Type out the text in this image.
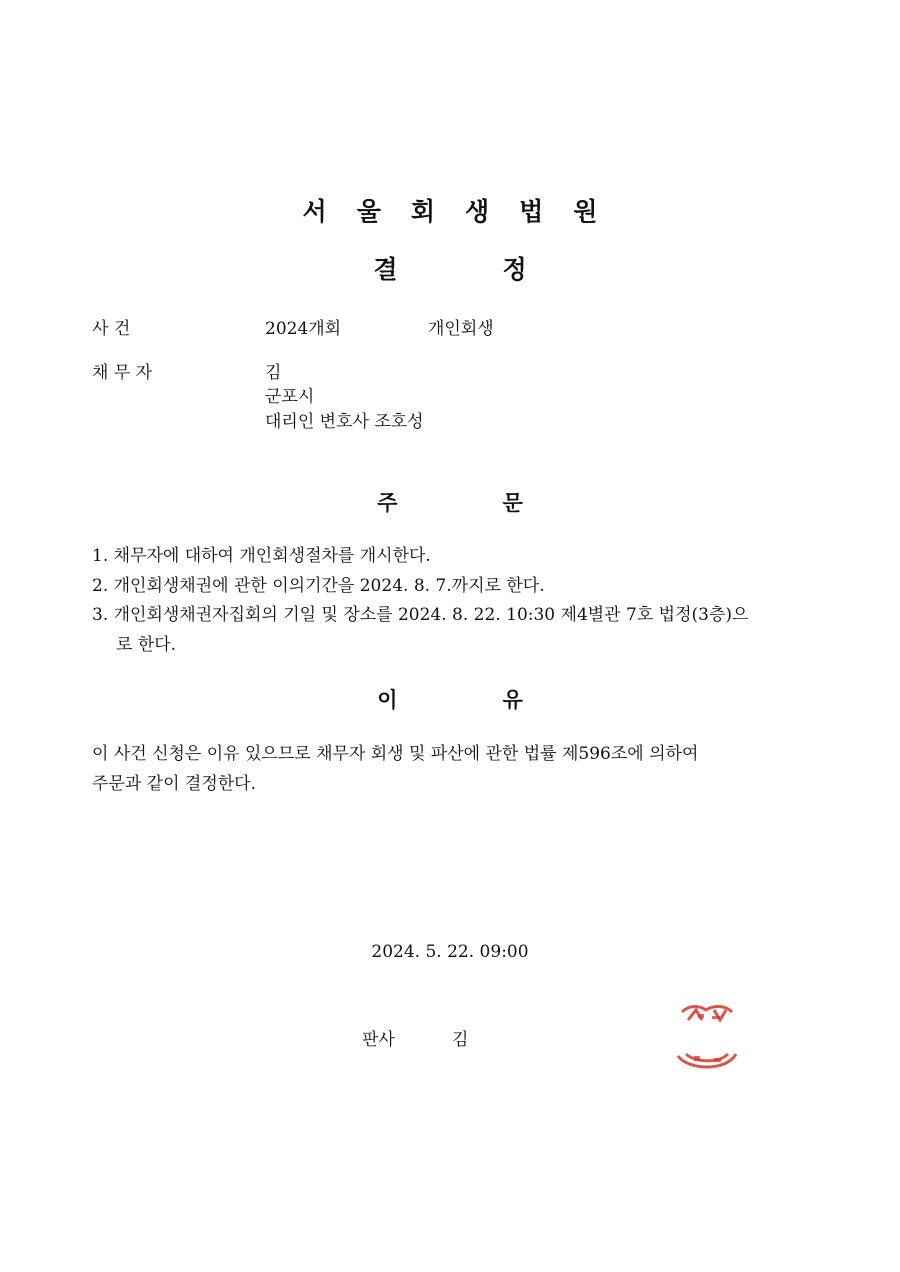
서울회생법원
결	정
사 건	2024개회	개인회생
채 무 자	김
군포시
대리인 변호사 조호성
주	문
1. 채무자에 대하여 개인회생절차를 개시한다.
2. 개인회생채권에 관한 이의기간을 2024. 8. 7.까지로 한다.
3. 개인회생채권자집회의 기일 및 장소를 2024. 8. 22. 10:30 제4별관 7호 법정(3층)으
로 한다.
이	유
이 사건 신청은 이유 있으므로 채무자 회생 및 파산에 관한 법률 제596조에 의하여
주문과 같이 결정한다.
2024. 5. 22. 09:00
판사	김
